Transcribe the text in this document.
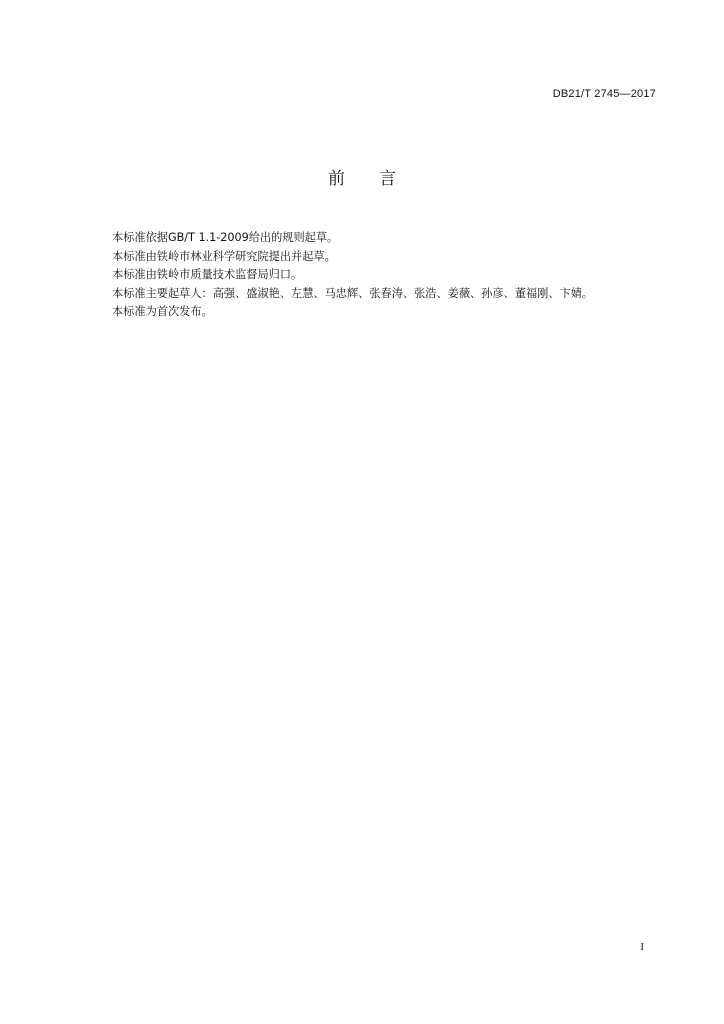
DB21/T 2745—2017
前　　言
本标准依据GB/T 1.1-2009给出的规则起草。
本标准由铁岭市林业科学研究院提出并起草。
本标准由铁岭市质量技术监督局归口。
本标准主要起草人：高强、盛淑艳、左慧、马忠辉、张春涛、张浩、姜薇、孙彦、董福刚、卞婧。
本标准为首次发布。
I
